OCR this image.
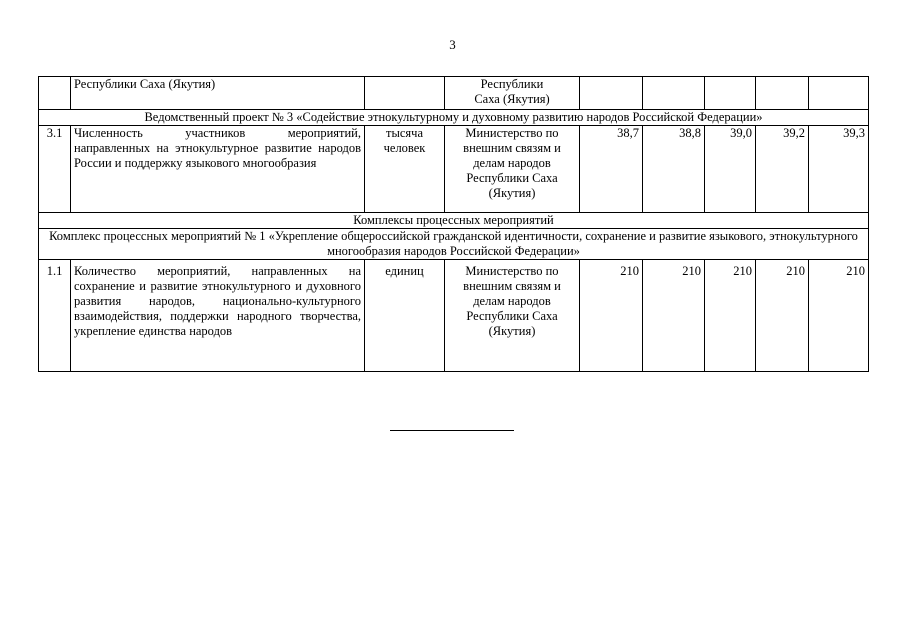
3
	Республики Саха (Якутия)		Республики
Саха (Якутия)					
Ведомственный проект № 3 «Содействие этнокультурному и духовному развитию народов Российской Федерации»								
3.1	Численность участников мероприятий, направленных на этнокультурное развитие народов России и поддержку языкового многообразия	тысяча человек	Министерство по внешним связям и делам народов Республики Саха (Якутия)	38,7	38,8	39,0	39,2	39,3
Комплексы процессных мероприятий								
Комплекс процессных мероприятий № 1 «Укрепление общероссийской гражданской идентичности, сохранение и развитие языкового, этнокультурного многообразия народов Российской Федерации»								
1.1	Количество мероприятий, направленных на сохранение и развитие этнокультурного и духовного развития народов, национально-культурного взаимодействия, поддержки народного творчества, укрепление единства народов	единиц	Министерство по внешним связям и делам народов Республики Саха (Якутия)	210	210	210	210	210
